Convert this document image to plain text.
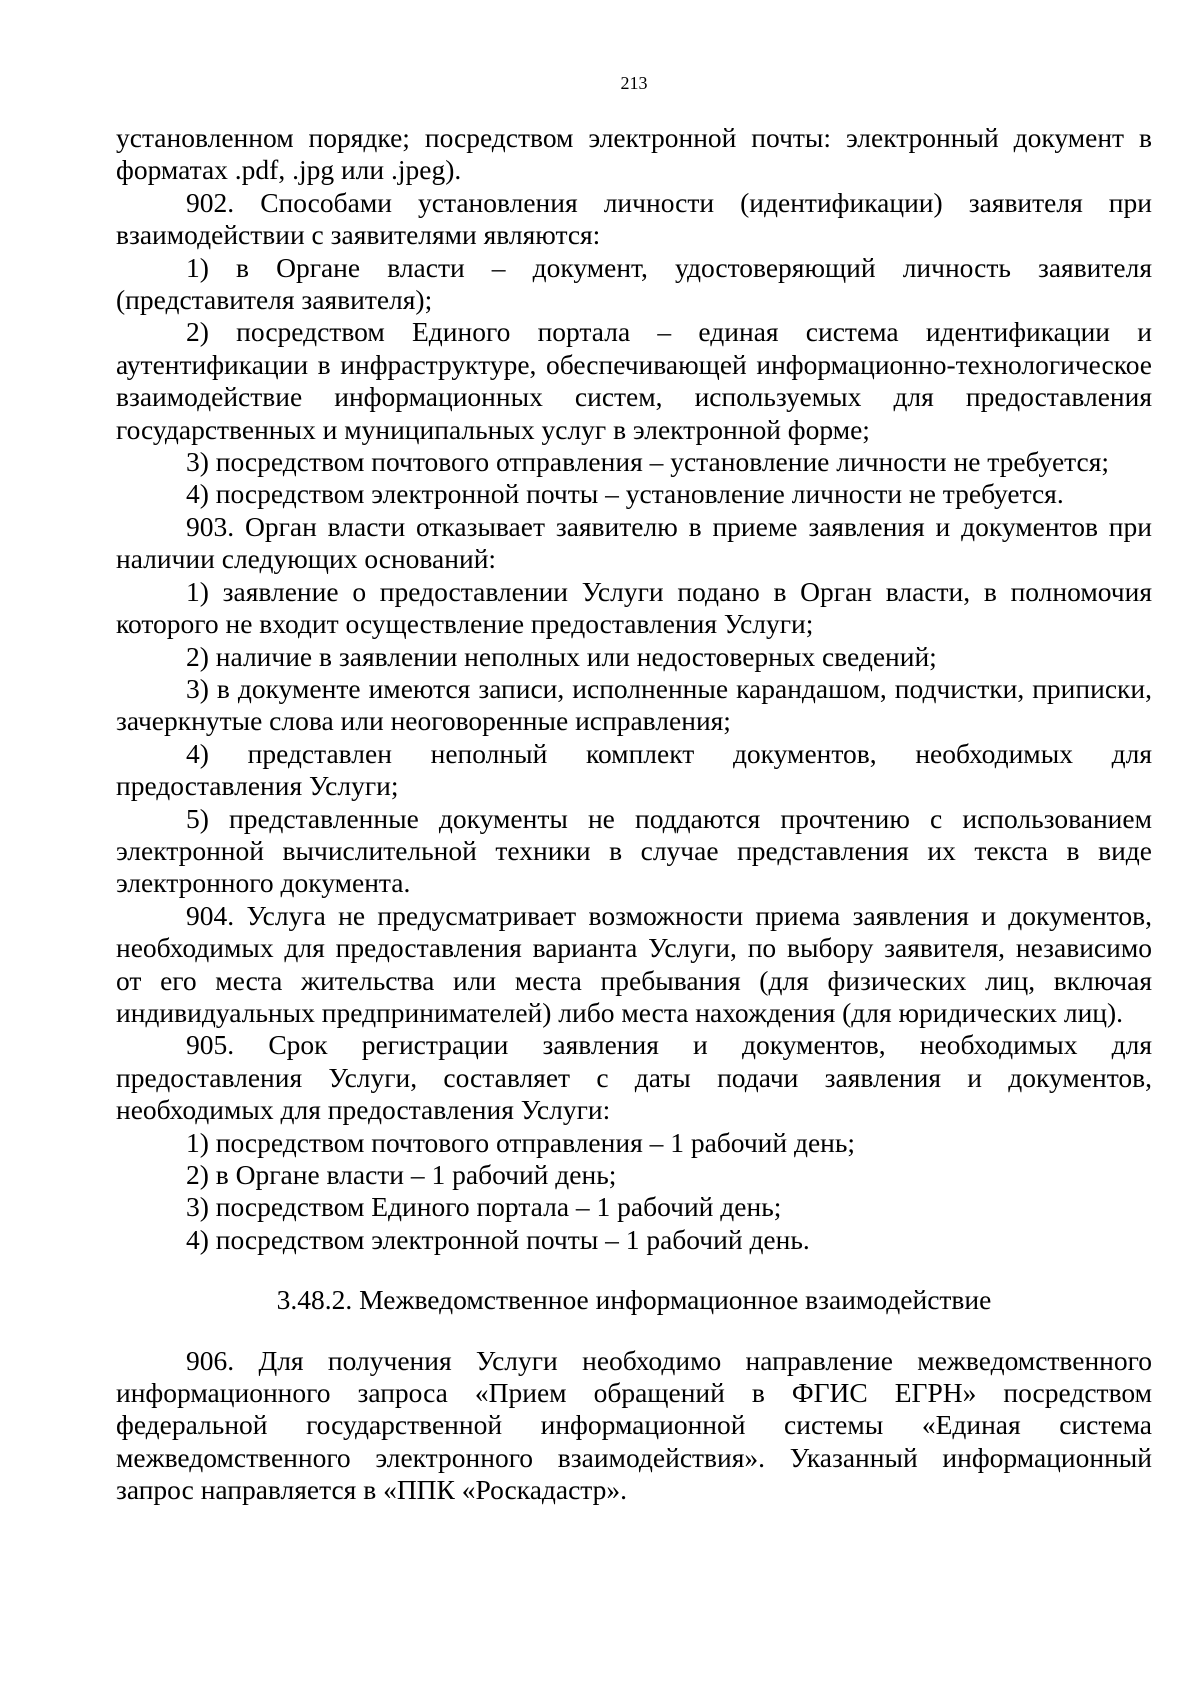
213

установленном порядке; посредством электронной почты: электронный документ в форматах .pdf, .jpg или .jpeg).

902. Способами установления личности (идентификации) заявителя при взаимодействии с заявителями являются:

1) в Органе власти – документ, удостоверяющий личность заявителя (представителя заявителя);

2) посредством Единого портала – единая система идентификации и аутентификации в инфраструктуре, обеспечивающей информационно-технологическое взаимодействие информационных систем, используемых для предоставления государственных и муниципальных услуг в электронной форме;

3) посредством почтового отправления – установление личности не требуется;

4) посредством электронной почты – установление личности не требуется.

903. Орган власти отказывает заявителю в приеме заявления и документов при наличии следующих оснований:

1) заявление о предоставлении Услуги подано в Орган власти, в полномочия которого не входит осуществление предоставления Услуги;

2) наличие в заявлении неполных или недостоверных сведений;

3) в документе имеются записи, исполненные карандашом, подчистки, приписки, зачеркнутые слова или неоговоренные исправления;

4) представлен неполный комплект документов, необходимых для предоставления Услуги;

5) представленные документы не поддаются прочтению с использованием электронной вычислительной техники в случае представления их текста в виде электронного документа.

904. Услуга не предусматривает возможности приема заявления и документов, необходимых для предоставления варианта Услуги, по выбору заявителя, независимо от его места жительства или места пребывания (для физических лиц, включая индивидуальных предпринимателей) либо места нахождения (для юридических лиц).

905. Срок регистрации заявления и документов, необходимых для предоставления Услуги, составляет с даты подачи заявления и документов, необходимых для предоставления Услуги:

1) посредством почтового отправления – 1 рабочий день;

2) в Органе власти – 1 рабочий день;

3) посредством Единого портала – 1 рабочий день;

4) посредством электронной почты – 1 рабочий день.

3.48.2. Межведомственное информационное взаимодействие

906. Для получения Услуги необходимо направление межведомственного информационного запроса «Прием обращений в ФГИС ЕГРН» посредством федеральной государственной информационной системы «Единая система межведомственного электронного взаимодействия». Указанный информационный запрос направляется в «ППК «Роскадастр».
